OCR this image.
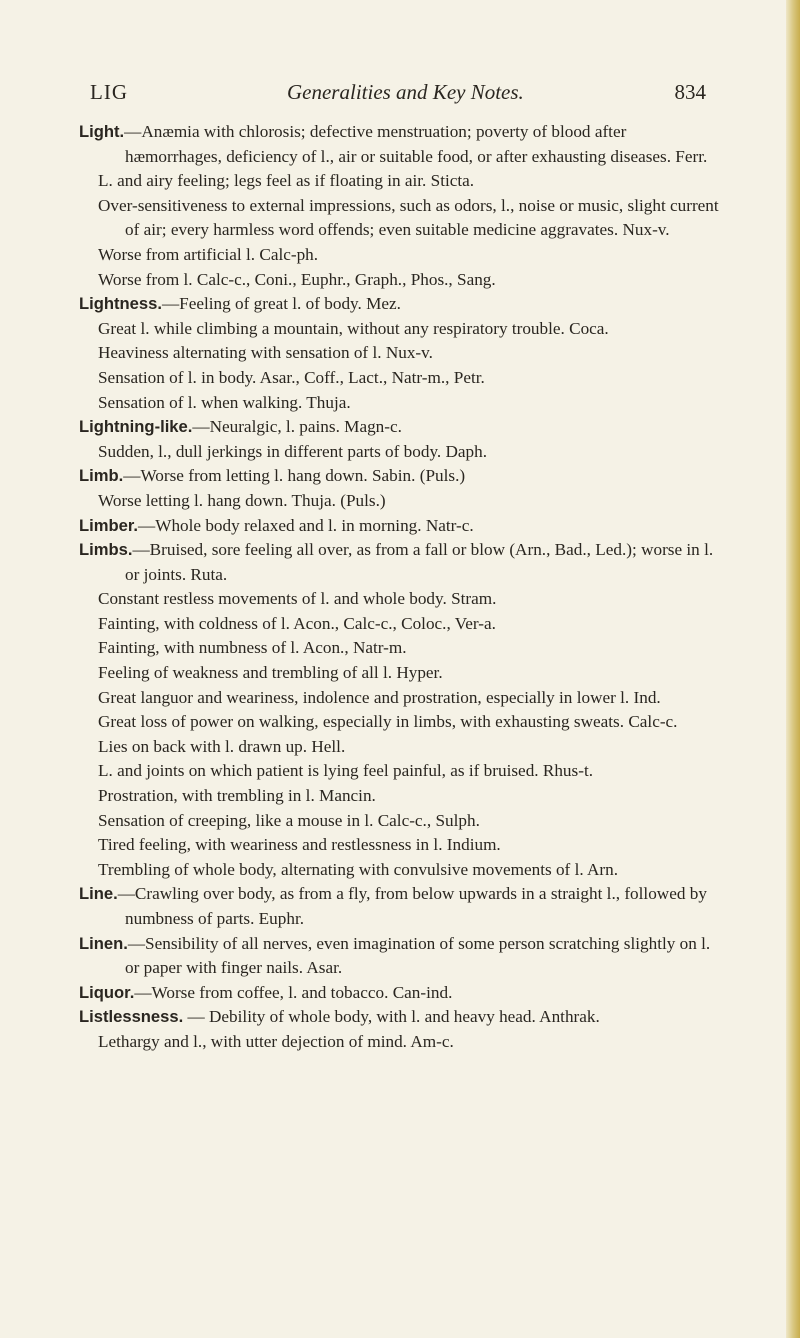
LIG	Generalities and Key Notes.	834
Light.—Anæmia with chlorosis; defective menstruation; poverty of blood after hæmorrhages, deficiency of l., air or suitable food, or after exhausting diseases. Ferr.
L. and airy feeling; legs feel as if floating in air. Sticta.
Over-sensitiveness to external impressions, such as odors, l., noise or music, slight current of air; every harmless word offends; even suitable medicine aggravates. Nux-v.
Worse from artificial l. Calc-ph.
Worse from l. Calc-c., Coni., Euphr., Graph., Phos., Sang.
Lightness.—Feeling of great l. of body. Mez.
Great l. while climbing a mountain, without any respiratory trouble. Coca.
Heaviness alternating with sensation of l. Nux-v.
Sensation of l. in body. Asar., Coff., Lact., Natr-m., Petr.
Sensation of l. when walking. Thuja.
Lightning-like.—Neuralgic, l. pains. Magn-c.
Sudden, l., dull jerkings in different parts of body. Daph.
Limb.—Worse from letting l. hang down. Sabin. (Puls.)
Worse letting l. hang down. Thuja. (Puls.)
Limber.—Whole body relaxed and l. in morning. Natr-c.
Limbs.—Bruised, sore feeling all over, as from a fall or blow (Arn., Bad., Led.); worse in l. or joints. Ruta.
Constant restless movements of l. and whole body. Stram.
Fainting, with coldness of l. Acon., Calc-c., Coloc., Ver-a.
Fainting, with numbness of l. Acon., Natr-m.
Feeling of weakness and trembling of all l. Hyper.
Great languor and weariness, indolence and prostration, especially in lower l. Ind.
Great loss of power on walking, especially in limbs, with exhausting sweats. Calc-c.
Lies on back with l. drawn up. Hell.
L. and joints on which patient is lying feel painful, as if bruised. Rhus-t.
Prostration, with trembling in l. Mancin.
Sensation of creeping, like a mouse in l. Calc-c., Sulph.
Tired feeling, with weariness and restlessness in l. Indium.
Trembling of whole body, alternating with convulsive movements of l. Arn.
Line.—Crawling over body, as from a fly, from below upwards in a straight l., followed by numbness of parts. Euphr.
Linen.—Sensibility of all nerves, even imagination of some person scratching slightly on l. or paper with finger nails. Asar.
Liquor.—Worse from coffee, l. and tobacco. Can-ind.
Listlessness. — Debility of whole body, with l. and heavy head. Anthrak.
Lethargy and l., with utter dejection of mind. Am-c.
